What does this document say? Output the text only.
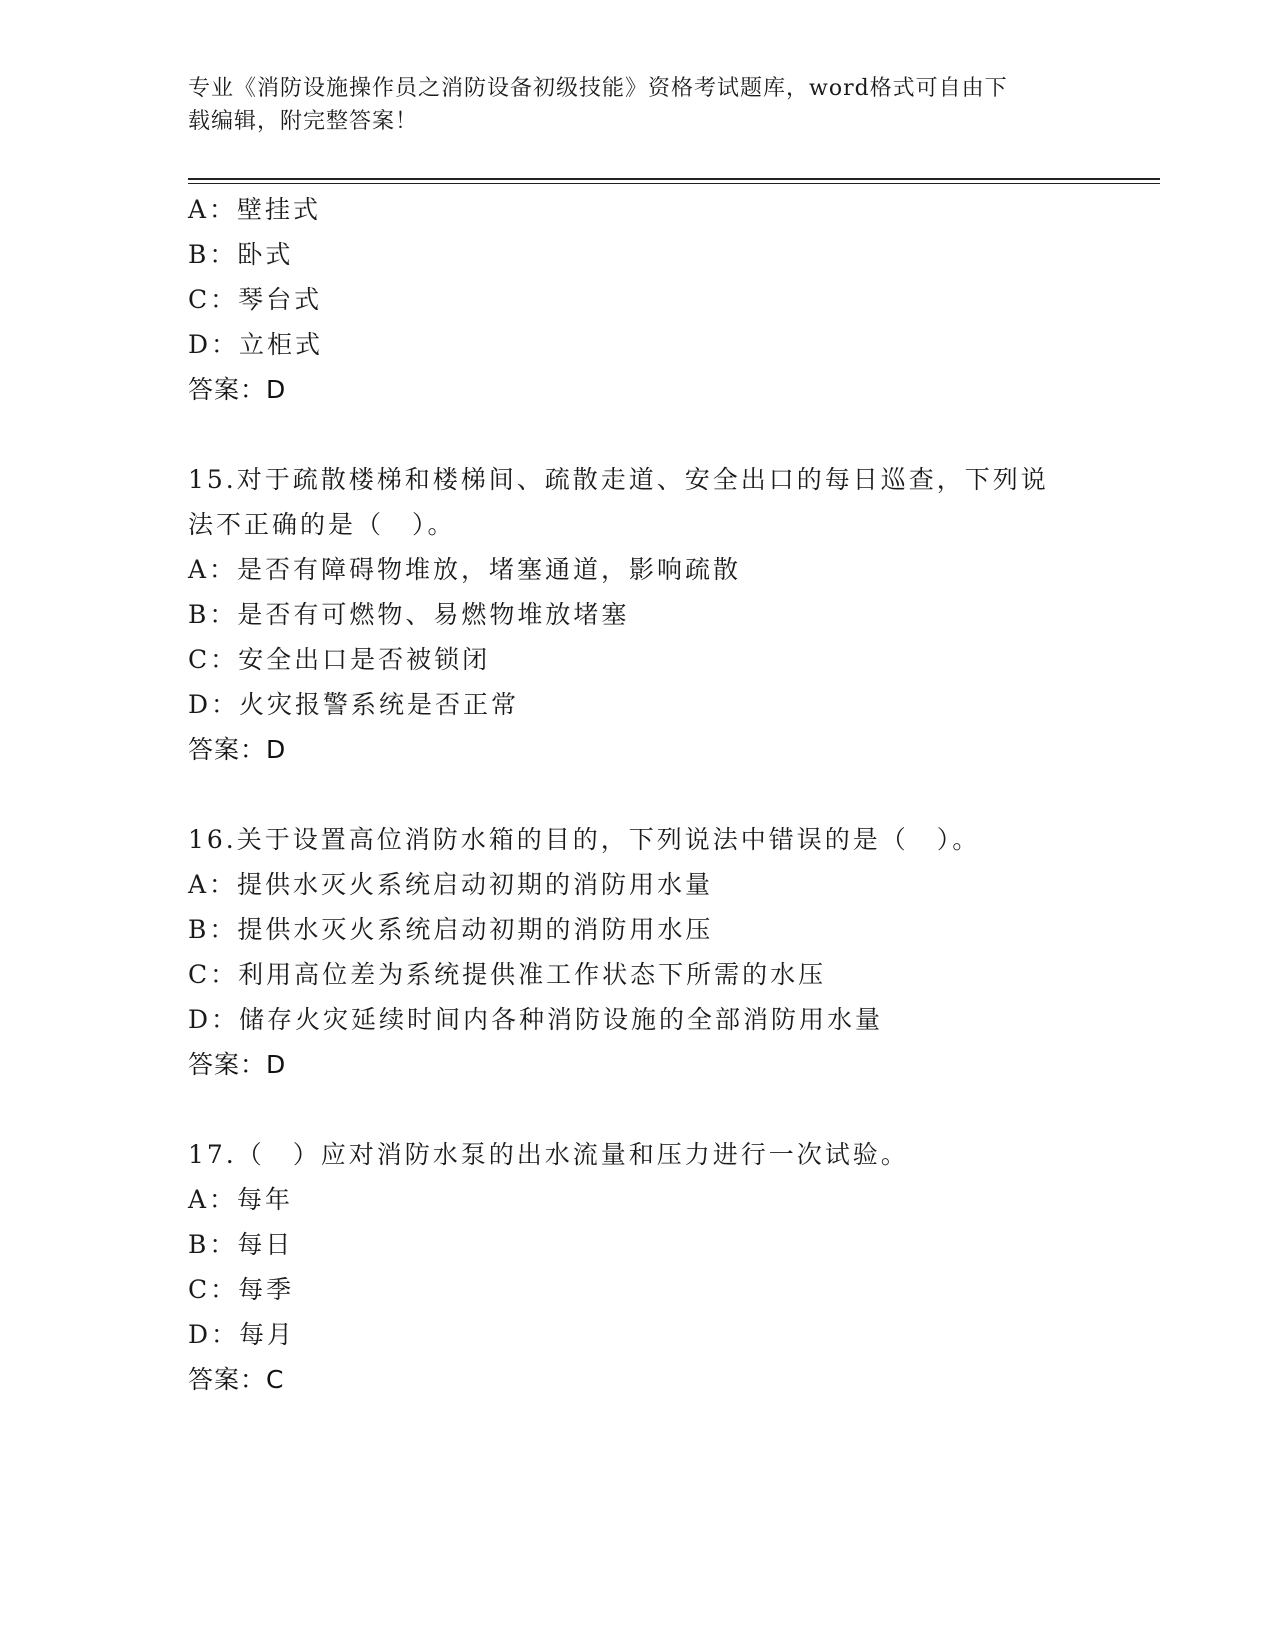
专业《消防设施操作员之消防设备初级技能》资格考试题库，word格式可自由下
载编辑，附完整答案！
A：壁挂式
B：卧式
C：琴台式
D：立柜式
答案：D
15.对于疏散楼梯和楼梯间、疏散走道、安全出口的每日巡查，下列说
法不正确的是（　）。
A：是否有障碍物堆放，堵塞通道，影响疏散
B：是否有可燃物、易燃物堆放堵塞
C：安全出口是否被锁闭
D：火灾报警系统是否正常
答案：D
16.关于设置高位消防水箱的目的，下列说法中错误的是（　）。
A：提供水灭火系统启动初期的消防用水量
B：提供水灭火系统启动初期的消防用水压
C：利用高位差为系统提供准工作状态下所需的水压
D：储存火灾延续时间内各种消防设施的全部消防用水量
答案：D
17.（　）应对消防水泵的出水流量和压力进行一次试验。
A：每年
B：每日
C：每季
D：每月
答案：C
